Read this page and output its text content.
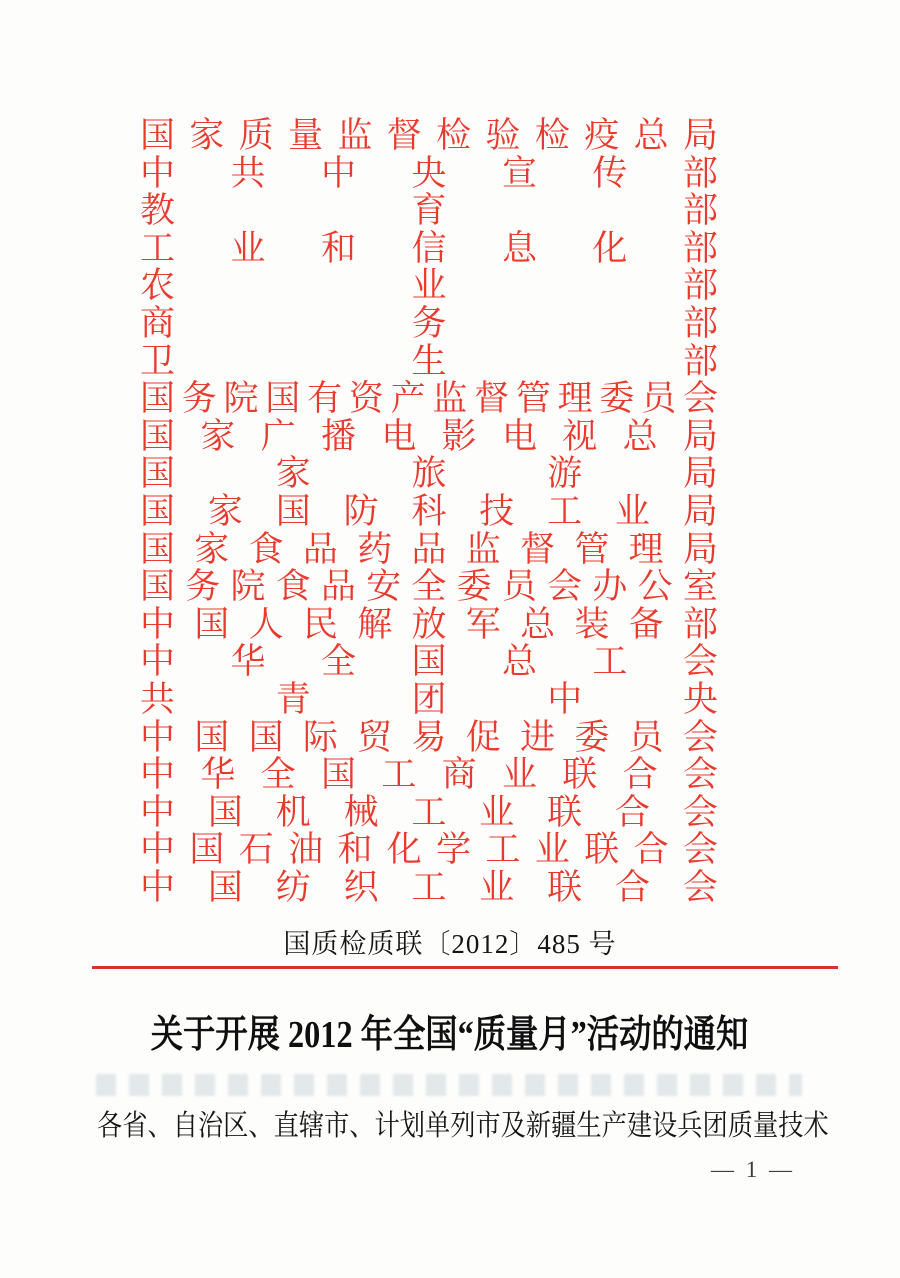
国 家 质 量 监 督 检 验 检 疫 总 局
中 共 中 央 宣 传 部
教	育	部
工 业 和 信 息 化 部
农	业	部
商	务	部
卫	生	部
国 务 院 国 有 资 产 监 督 管 理 委 员 会
国 家 广 播 电 影 电 视 总 局
国	家	旅	游	局
国 家 国 防 科 技 工 业 局
国 家 食 品 药 品 监 督 管 理 局
国 务 院 食 品 安 全 委 员 会 办 公 室
中 国 人 民 解 放 军 总 装 备 部
中 华 全 国 总 工 会
共	青	团	中	央
中 国 国 际 贸 易 促 进 委 员 会
中 华 全 国 工 商 业 联 合 会
中 国 机 械 工 业 联 合 会
中 国 石 油 和 化 学 工 业 联 合 会
中 国 纺 织 工 业 联 合 会
国质检质联〔2012〕485 号
关于开展 2012 年全国“质量月”活动的通知
各省、自治区、直辖市、计划单列市及新疆生产建设兵团质量技术
— 1 —
